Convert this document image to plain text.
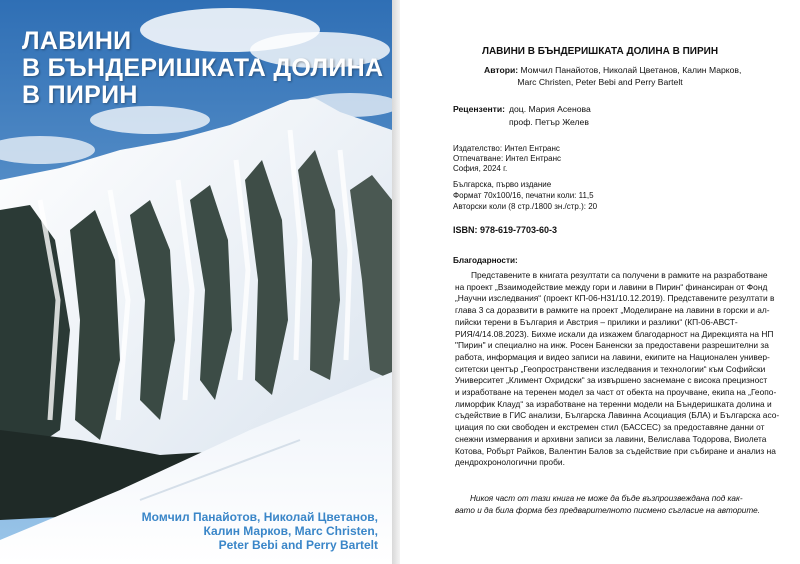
ЛАВИНИ
В БЪНДЕРИШКАТА ДОЛИНА
В ПИРИН
Момчил Панайотов, Николай Цветанов,
Калин Марков, Marc Christen,
Peter Bebi and Perry Bartelt
ЛАВИНИ В БЪНДЕРИШКАТА ДОЛИНА В ПИРИН
Автори: Момчил Панайотов, Николай Цветанов, Калин Марков,
Marc Christen, Peter Bebi and Perry Bartelt
Рецензенти: доц. Мария Асенова
проф. Петър Желев
Издателство: Интел Ентранс
Отпечатване: Интел Ентранс
София, 2024 г.
Българска, първо издание
Формат 70х100/16, печатни коли: 11,5
Авторски коли (8 стр./1800 зн./стр.): 20
ISBN: 978-619-7703-60-3
Благодарности:
Представените в книгата резултати са получени в рамките на разработване
на проект „Взаимодействие между гори и лавини в Пирин“ финансиран от Фонд
„Научни изследвания“ (проект КП-06-Н31/10.12.2019). Представените резултати в
глава 3 са доразвити в рамките на проект „Моделиране на лавини в горски и ал-
пийски терени в България и Австрия – прилики и разлики“ (КП-06-АВСТ-
РИЯ/4/14.08.2023). Бихме искали да изкажем благодарност на Дирекцията на НП
"Пирин" и специално на инж. Росен Баненски за предоставени разрешителни за
работа, информация и видео записи на лавини, екипите на Национален универ-
ситетски център „Геопространствени изследвания и технологии“ към Софийски
Университет „Климент Охридски“ за извършено заснемане с висока прецизност
и изработване на теренен модел за част от обекта на проучване, екипа на „Геопо-
лиморфик Клауд“ за изработване на теренни модели на Бъндеришката долина и
съдействие в ГИС анализи, Българска Лавинна Асоциация (БЛА) и Българска асо-
циация по ски свободен и екстремен стил (БАССЕС) за предоставяне данни от
снежни измервания и архивни записи за лавини, Велислава Тодорова, Виолета
Котова, Робърт Райков, Валентин Балов за съдействие при събиране и анализ на
дендрохронологични проби.
Никоя част от тази книга не може да бъде възпроизвеждана под как-
вато и да била форма без предварителното писмено съгласие на авторите.
